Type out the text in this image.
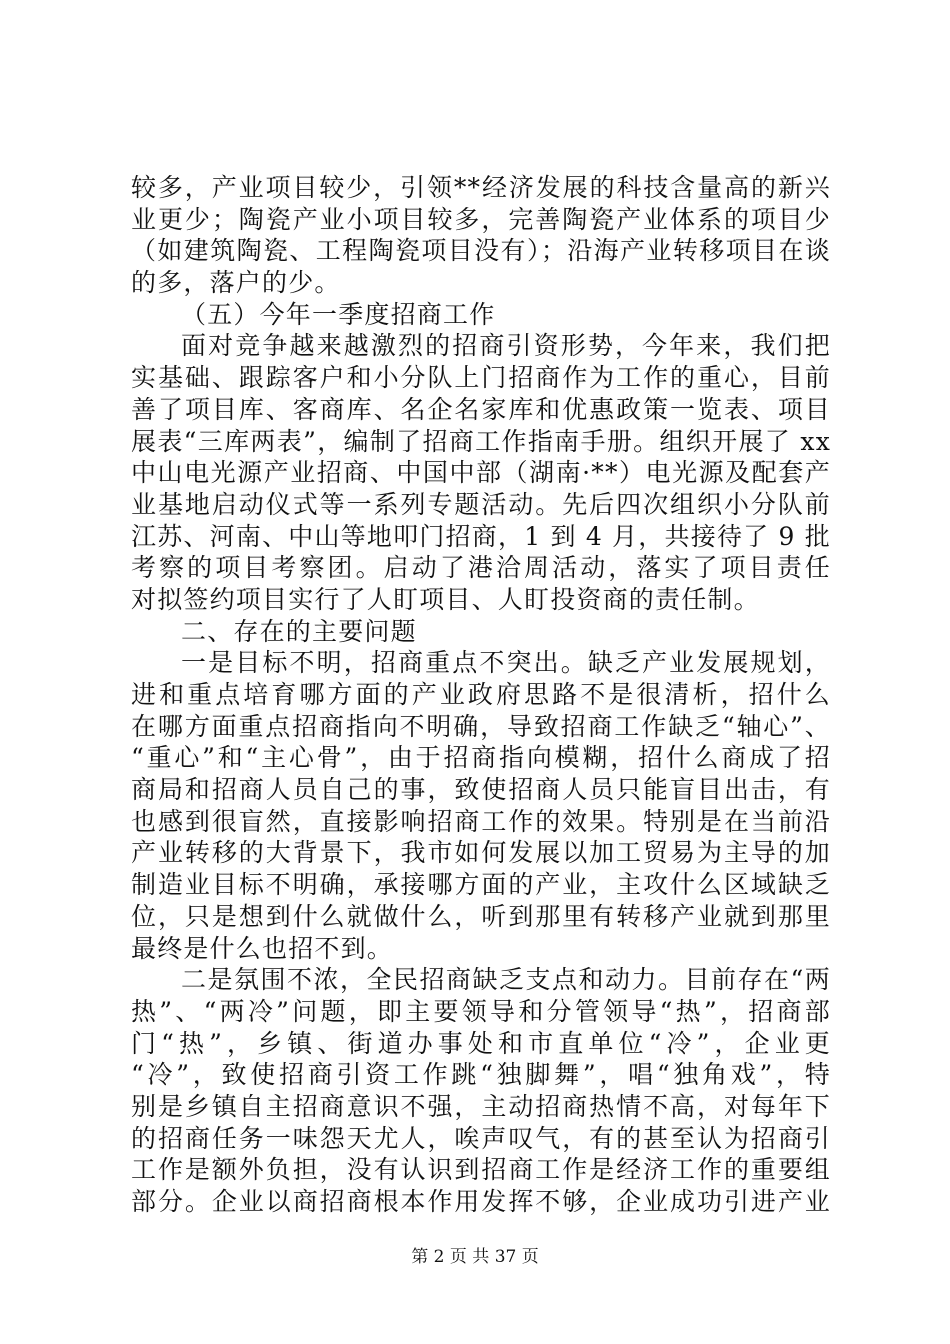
较多，产业项目较少，引领**经济发展的科技含量高的新兴
业更少；陶瓷产业小项目较多，完善陶瓷产业体系的项目少
（如建筑陶瓷、工程陶瓷项目没有）；沿海产业转移项目在谈
的多，落户的少。
（五）今年一季度招商工作
面对竞争越来越激烈的招商引资形势，今年来，我们把
实基础、跟踪客户和小分队上门招商作为工作的重心，目前
善了项目库、客商库、名企名家库和优惠政策一览表、项目
展表“三库两表”，编制了招商工作指南手册。组织开展了 xx
中山电光源产业招商、中国中部（湖南·**）电光源及配套产
业基地启动仪式等一系列专题活动。先后四次组织小分队前
江苏、河南、中山等地叩门招商，1 到 4 月，共接待了 9 批
考察的项目考察团。启动了港洽周活动，落实了项目责任
对拟签约项目实行了人盯项目、人盯投资商的责任制。
二、存在的主要问题
一是目标不明，招商重点不突出。缺乏产业发展规划，
进和重点培育哪方面的产业政府思路不是很清析，招什么
在哪方面重点招商指向不明确，导致招商工作缺乏“轴心”、
“重心”和“主心骨”，由于招商指向模糊，招什么商成了招
商局和招商人员自己的事，致使招商人员只能盲目出击，有
也感到很盲然，直接影响招商工作的效果。特别是在当前沿
产业转移的大背景下，我市如何发展以加工贸易为主导的加
制造业目标不明确，承接哪方面的产业，主攻什么区域缺乏
位，只是想到什么就做什么，听到那里有转移产业就到那里
最终是什么也招不到。
二是氛围不浓，全民招商缺乏支点和动力。目前存在“两
热”、“两冷”问题，即主要领导和分管领导“热”，招商部
门“热”，乡镇、街道办事处和市直单位“冷”，企业更
“冷”，致使招商引资工作跳“独脚舞”，唱“独角戏”，特
别是乡镇自主招商意识不强，主动招商热情不高，对每年下
的招商任务一味怨天尤人，唉声叹气，有的甚至认为招商引
工作是额外负担，没有认识到招商工作是经济工作的重要组
部分。企业以商招商根本作用发挥不够，企业成功引进产业
第 2 页 共 37 页
